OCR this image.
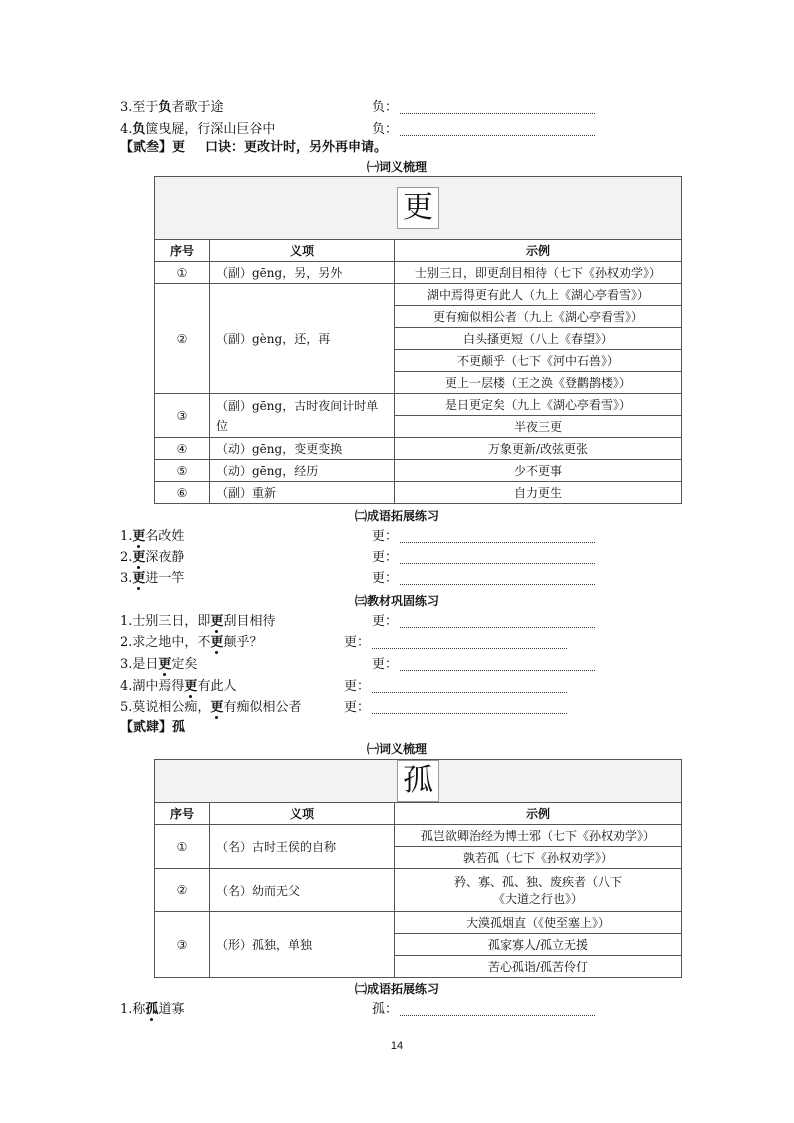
3.至于负者歌于途	负：
4.负箧曳屣，行深山巨谷中	负：
【贰叁】更 口诀：更改计时，另外再申请。
㈠词义梳理
更		
序号	义项	示例
①	（副）gēng，另，另外	士别三日，即更刮目相待（七下《孙权劝学》）
②	（副）gèng，还，再	湖中焉得更有此人（九上《湖心亭看雪》）
		更有痴似相公者（九上《湖心亭看雪》）
		白头搔更短（八上《春望》）
		不更颠乎（七下《河中石兽》）
		更上一层楼（王之涣《登鹳鹊楼》）
③	（副）gēng，古时夜间计时单位	是日更定矣（九上《湖心亭看雪》）
		半夜三更
④	（动）gēng，变更变换	万象更新/改弦更张
⑤	（动）gēng，经历	少不更事
⑥	（副）重新	自力更生
㈡成语拓展练习
1.更名改姓	更：
2.更深夜静	更：
3.更进一竿	更：
㈢教材巩固练习
1.士别三日，即更刮目相待	更：
2.求之地中，不更颠乎？	更：
3.是日更定矣	更：
4.湖中焉得更有此人	更：
5.莫说相公痴，更有痴似相公者	更：
【贰肆】孤
㈠词义梳理
孤		
序号	义项	示例
①	（名）古时王侯的自称	孤岂欲卿治经为博士邪（七下《孙权劝学》）
		孰若孤（七下《孙权劝学》）
②	（名）幼而无父	矜、寡、孤、独、废疾者（八下《大道之行也》）
③	（形）孤独，单独	大漠孤烟直（《使至塞上》）
		孤家寡人/孤立无援
		苦心孤诣/孤苦伶仃
㈡成语拓展练习
1.称孤道寡	孤：
14
